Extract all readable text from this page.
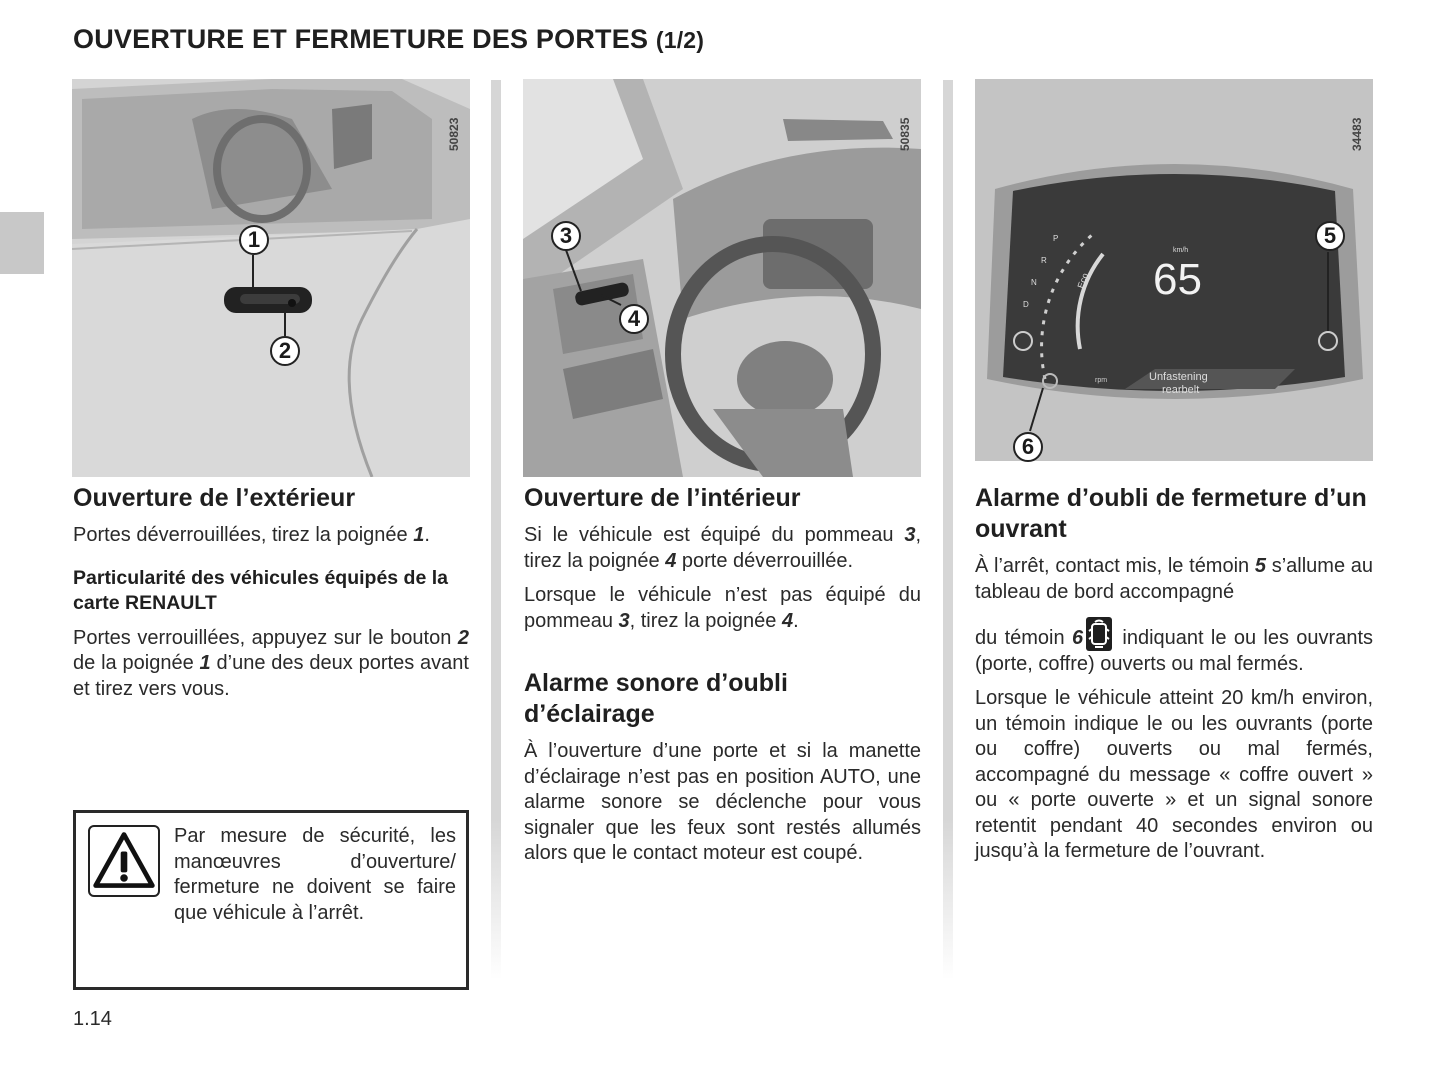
OUVERTURE ET FERMETURE DES PORTES (1/2)
50823
1
2
50835
3
4
P
R
N
D
Eco
km/h
65
rpm	Unfastening
rearbelt
34483
5
6
Ouverture de l’extérieur

Portes déverrouillées, tirez la poignée 1.

Particularité des véhicules équipés de la carte RENAULT

Portes verrouillées, appuyez sur le bouton 2 de la poignée 1 d’une des deux portes avant et tirez vers vous.

Par mesure de sécurité, les manœuvres d’ouverture/ fermeture ne doivent se faire que véhicule à l’arrêt.

Ouverture de l’intérieur

Si le véhicule est équipé du pommeau 3, tirez la poignée 4 porte déverrouillée.

Lorsque le véhicule n’est pas équipé du pommeau 3, tirez la poignée 4.

Alarme sonore d’oubli d’éclairage

À l’ouverture d’une porte et si la manette d’éclairage n’est pas en position AUTO, une alarme sonore se déclenche pour vous signaler que les feux sont restés allumés alors que le contact moteur est coupé.

Alarme d’oubli de fermeture d’un ouvrant

À l’arrêt, contact mis, le témoin 5 s’allume au tableau de bord accompagné

du témoin 6
indiquant le ou les ouvrants (porte, coffre) ouverts ou mal fermés.

Lorsque le véhicule atteint 20 km/h environ, un témoin indique le ou les ouvrants (porte ou coffre) ouverts ou mal fermés, accompagné du message « coffre ouvert » ou « porte ouverte » et un signal sonore retentit pendant 40 secondes environ ou jusqu’à la fermeture de l’ouvrant.

1.14
